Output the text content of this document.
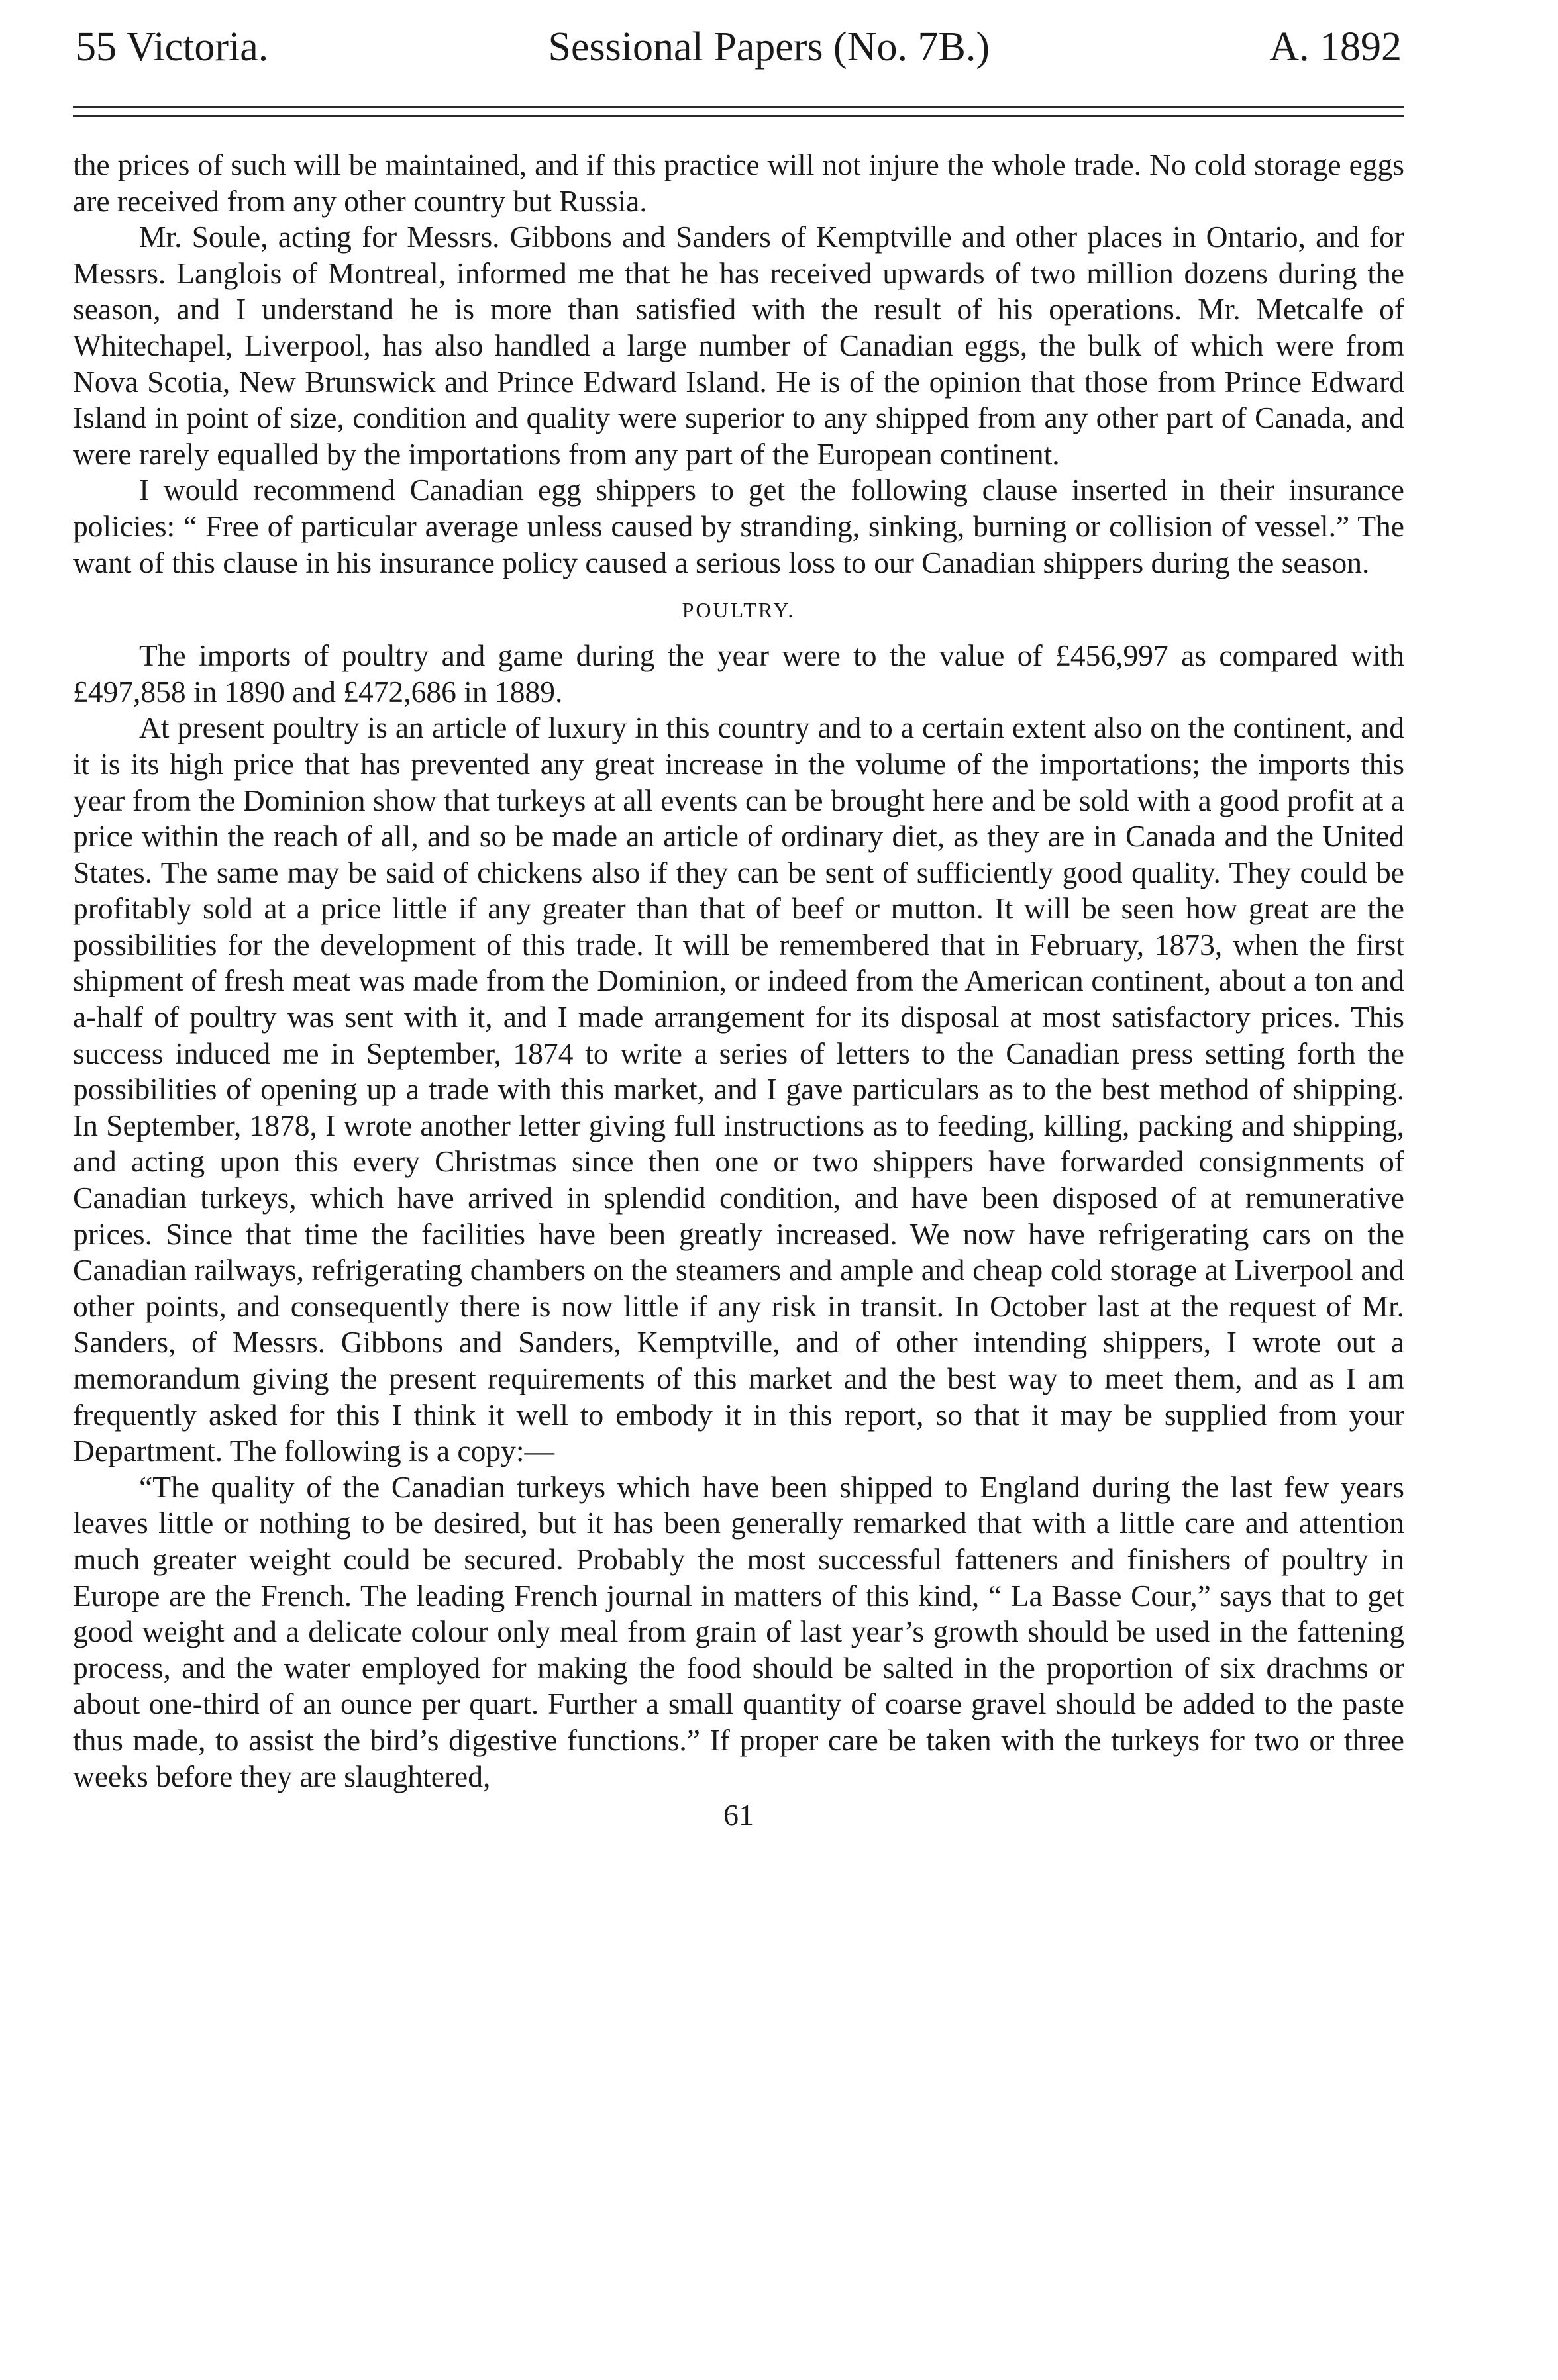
55 Victoria.	Sessional Papers (No. 7B.)	A. 1892

the prices of such will be maintained, and if this practice will not injure the whole trade. No cold storage eggs are received from any other country but Russia.

Mr. Soule, acting for Messrs. Gibbons and Sanders of Kemptville and other places in Ontario, and for Messrs. Langlois of Montreal, informed me that he has received upwards of two million dozens during the season, and I understand he is more than satisfied with the result of his operations. Mr. Metcalfe of Whitechapel, Liverpool, has also handled a large number of Canadian eggs, the bulk of which were from Nova Scotia, New Brunswick and Prince Edward Island. He is of the opinion that those from Prince Edward Island in point of size, condition and quality were superior to any shipped from any other part of Canada, and were rarely equalled by the importations from any part of the European continent.

I would recommend Canadian egg shippers to get the following clause inserted in their insurance policies: “ Free of particular average unless caused by stranding, sinking, burning or collision of vessel.” The want of this clause in his insurance policy caused a serious loss to our Canadian shippers during the season.

POULTRY.

The imports of poultry and game during the year were to the value of £456,997 as compared with £497,858 in 1890 and £472,686 in 1889.

At present poultry is an article of luxury in this country and to a certain extent also on the continent, and it is its high price that has prevented any great increase in the volume of the importations; the imports this year from the Dominion show that turkeys at all events can be brought here and be sold with a good profit at a price within the reach of all, and so be made an article of ordinary diet, as they are in Canada and the United States. The same may be said of chickens also if they can be sent of sufficiently good quality. They could be profitably sold at a price little if any greater than that of beef or mutton. It will be seen how great are the possibilities for the development of this trade. It will be remembered that in February, 1873, when the first shipment of fresh meat was made from the Dominion, or indeed from the American continent, about a ton and a-half of poultry was sent with it, and I made arrangement for its disposal at most satisfactory prices. This success induced me in September, 1874 to write a series of letters to the Canadian press setting forth the possibilities of opening up a trade with this market, and I gave particulars as to the best method of shipping. In September, 1878, I wrote another letter giving full instructions as to feeding, killing, packing and shipping, and acting upon this every Christmas since then one or two shippers have forwarded consignments of Canadian turkeys, which have arrived in splendid condition, and have been disposed of at remunerative prices. Since that time the facilities have been greatly increased. We now have refrigerating cars on the Canadian railways, refrigerating chambers on the steamers and ample and cheap cold storage at Liverpool and other points, and consequently there is now little if any risk in transit. In October last at the request of Mr. Sanders, of Messrs. Gibbons and Sanders, Kemptville, and of other intending shippers, I wrote out a memorandum giving the present requirements of this market and the best way to meet them, and as I am frequently asked for this I think it well to embody it in this report, so that it may be supplied from your Department. The following is a copy:—

“The quality of the Canadian turkeys which have been shipped to England during the last few years leaves little or nothing to be desired, but it has been generally remarked that with a little care and attention much greater weight could be secured. Probably the most successful fatteners and finishers of poultry in Europe are the French. The leading French journal in matters of this kind, “ La Basse Cour,” says that to get good weight and a delicate colour only meal from grain of last year’s growth should be used in the fattening process, and the water employed for making the food should be salted in the proportion of six drachms or about one-third of an ounce per quart. Further a small quantity of coarse gravel should be added to the paste thus made, to assist the bird’s digestive functions.” If proper care be taken with the turkeys for two or three weeks before they are slaughtered,

61
